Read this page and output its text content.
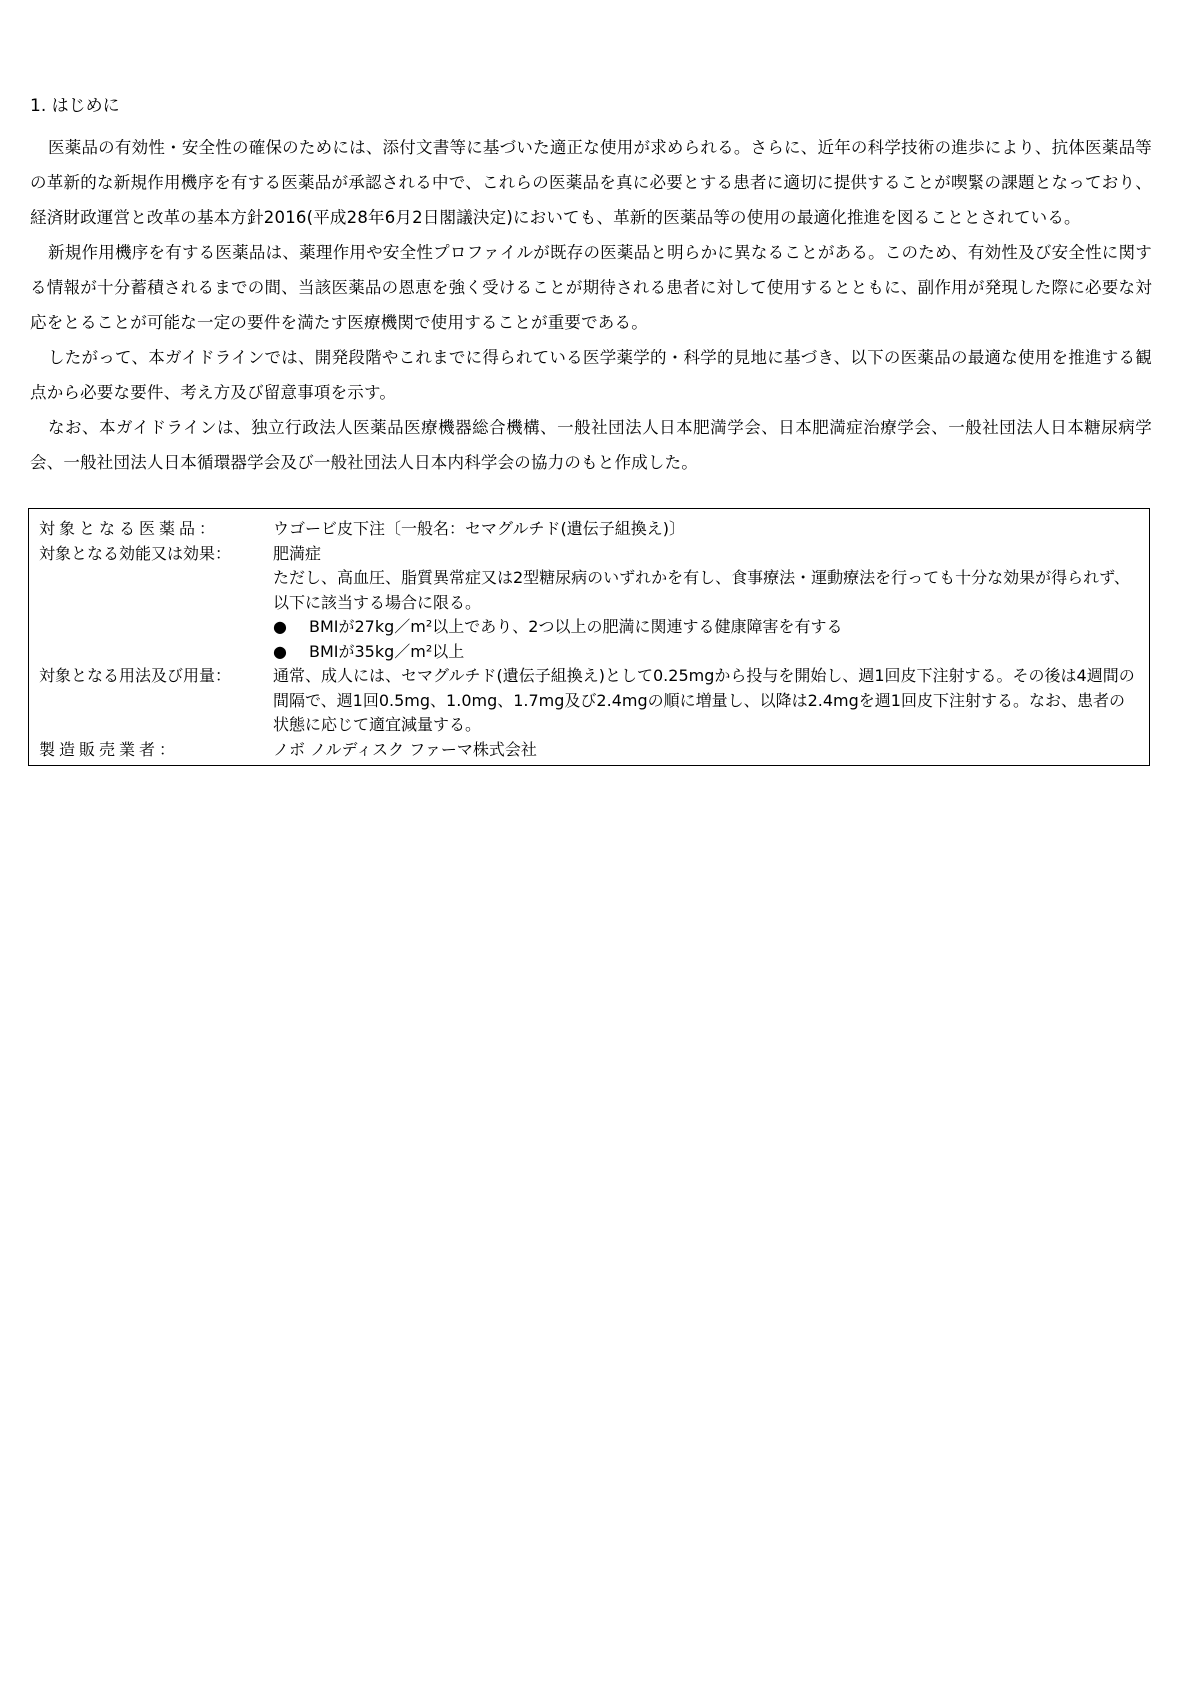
1. はじめに

医薬品の有効性・安全性の確保のためには、添付文書等に基づいた適正な使用が求められる。さらに、近年の科学技術の進歩により、抗体医薬品等の革新的な新規作用機序を有する医薬品が承認される中で、これらの医薬品を真に必要とする患者に適切に提供することが喫緊の課題となっており、経済財政運営と改革の基本方針2016(平成28年6月2日閣議決定)においても、革新的医薬品等の使用の最適化推進を図ることとされている。

新規作用機序を有する医薬品は、薬理作用や安全性プロファイルが既存の医薬品と明らかに異なることがある。このため、有効性及び安全性に関する情報が十分蓄積されるまでの間、当該医薬品の恩恵を強く受けることが期待される患者に対して使用するとともに、副作用が発現した際に必要な対応をとることが可能な一定の要件を満たす医療機関で使用することが重要である。

したがって、本ガイドラインでは、開発段階やこれまでに得られている医学薬学的・科学的見地に基づき、以下の医薬品の最適な使用を推進する観点から必要な要件、考え方及び留意事項を示す。

なお、本ガイドラインは、独立行政法人医薬品医療機器総合機構、一般社団法人日本肥満学会、日本肥満症治療学会、一般社団法人日本糖尿病学会、一般社団法人日本循環器学会及び一般社団法人日本内科学会の協力のもと作成した。

対象となる医薬品：	ウゴービ皮下注〔一般名：セマグルチド(遺伝子組換え)〕
対象となる効能又は効果：	肥満症
ただし、高血圧、脂質異常症又は2型糖尿病のいずれかを有し、食事療法・運動療法を行っても十分な効果が得られず、以下に該当する場合に限る。
●	BMIが27kg／m²以上であり、2つ以上の肥満に関連する健康障害を有する
●	BMIが35kg／m²以上
対象となる用法及び用量：	通常、成人には、セマグルチド(遺伝子組換え)として0.25mgから投与を開始し、週1回皮下注射する。その後は4週間の間隔で、週1回0.5mg、1.0mg、1.7mg及び2.4mgの順に増量し、以降は2.4mgを週1回皮下注射する。なお、患者の状態に応じて適宜減量する。
製造販売業者：	ノボ ノルディスク ファーマ株式会社
